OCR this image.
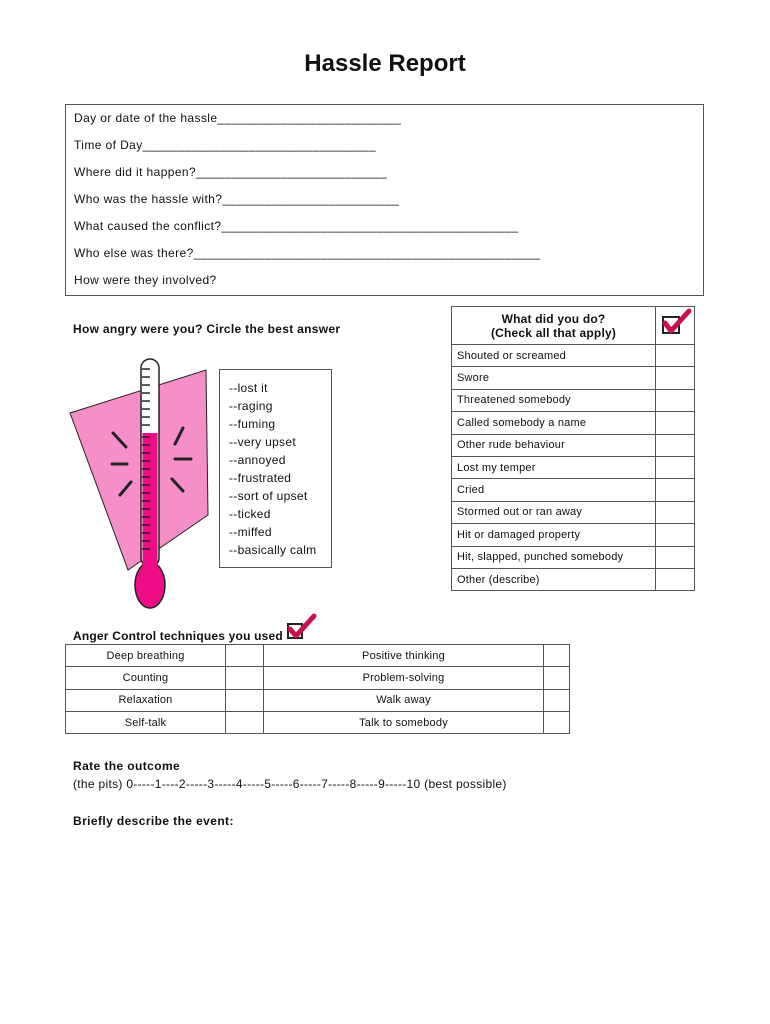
Hassle Report
Day or date of the hassle__________________________
Time of Day_________________________________
Where did it happen?___________________________
Who was the hassle with?_________________________
What caused the conflict?__________________________________________
Who else was there?_________________________________________________
How were they involved?
How angry were you? Circle the best answer
--lost it
--raging
--fuming
--very upset
--annoyed
--frustrated
--sort of upset
--ticked
--miffed
--basically calm
What did you do?
(Check all that apply)

Shouted or screamed	
Swore	
Threatened somebody	
Called somebody a name	
Other rude behaviour	
Lost my temper	
Cried	
Stormed out or ran away	
Hit or damaged property	
Hit, slapped, punched somebody	
Other (describe)	
Anger Control techniques you used
Deep breathing		Positive thinking	
Counting		Problem-solving	
Relaxation		Walk away	
Self-talk		Talk to somebody	
Rate the outcome
(the pits) 0-----1----2-----3-----4-----5-----6-----7-----8-----9-----10 (best possible)
Briefly describe the event:
